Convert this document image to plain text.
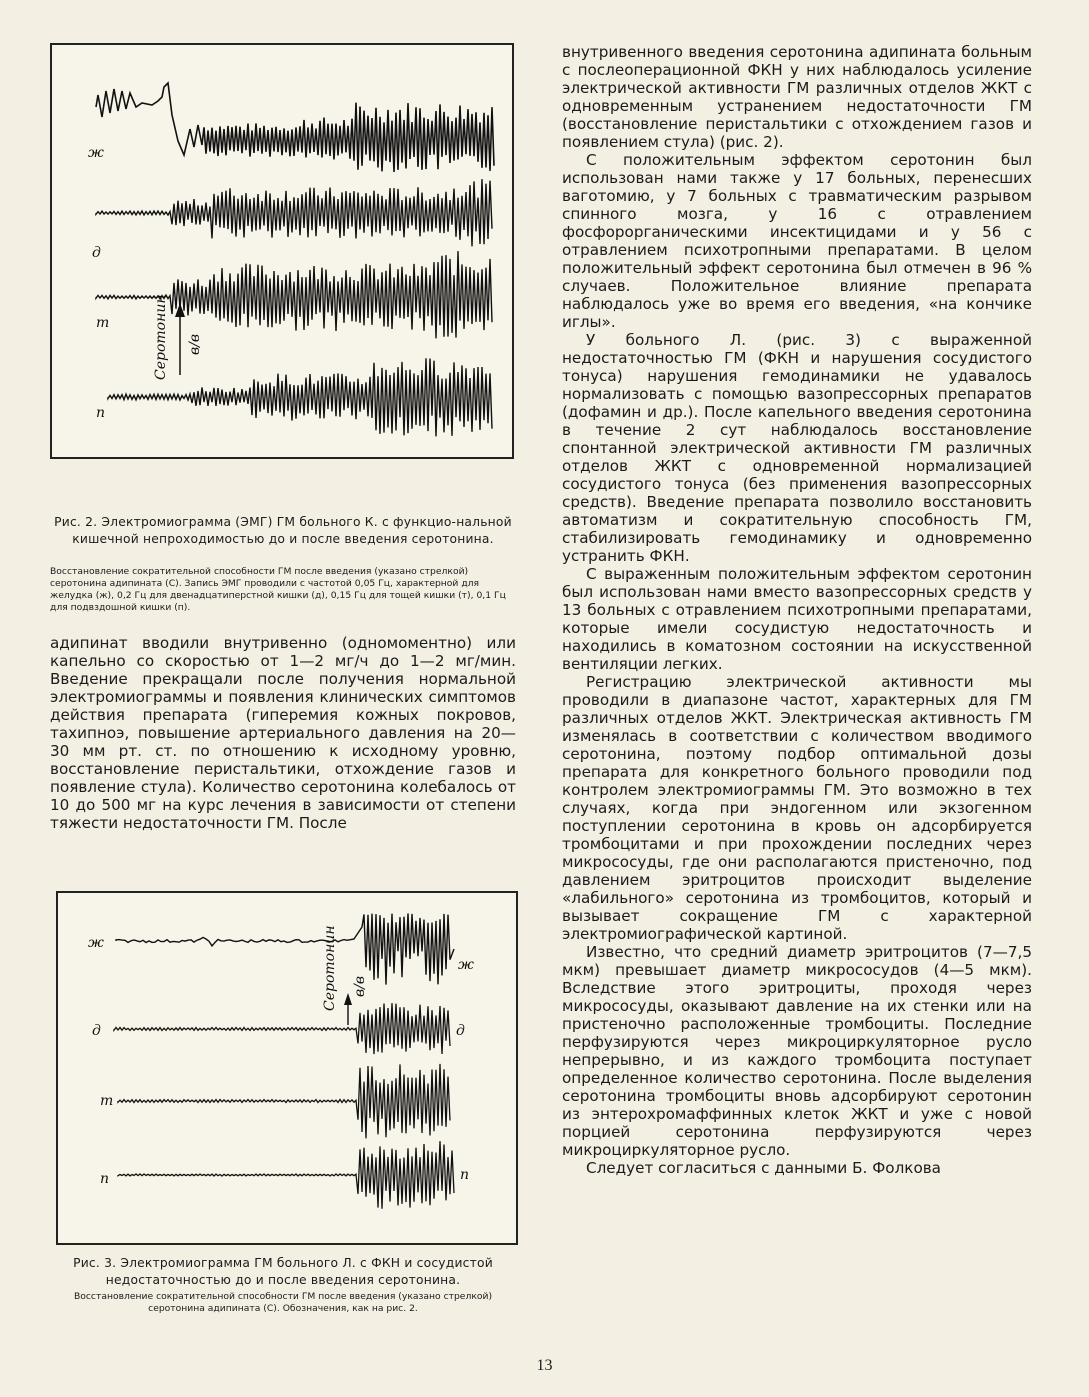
ж
д
т
п
Серотонин в/в
Рис. 2. Электромиограмма (ЭМГ) ГМ больного К. с функцио-нальной кишечной непроходимостью до и после введения серотонина.
Восстановление сократительной способности ГМ после введения (указано стрелкой) серотонина адипината (С). Запись ЭМГ проводили с частотой 0,05 Гц, характерной для желудка (ж), 0,2 Гц для двенадцатиперстной кишки (д), 0,15 Гц для тощей кишки (т), 0,1 Гц для подвздошной кишки (п).

адипинат вводили внутривенно (одномоментно) или капельно со скоростью от 1—2 мг/ч до 1—2 мг/мин. Введение прекращали после получения нормальной электромиограммы и появления клинических симптомов действия препарата (гиперемия кожных покровов, тахипноэ, повышение артериального давления на 20—30 мм рт. ст. по отношению к исходному уровню, восстановление перистальтики, отхождение газов и появление стула). Количество серотонина колебалось от 10 до 500 мг на курс лечения в зависимости от степени тяжести недостаточности ГМ. После

ж
д
т
п
ж
д
п
Серотонин в/в
Рис. 3. Электромиограмма ГМ больного Л. с ФКН и сосудистой недостаточностью до и после введения серотонина.
Восстановление сократительной способности ГМ после введения (указано стрелкой) серотонина адипината (С). Обозначения, как на рис. 2.

внутривенного введения серотонина адипината больным с послеоперационной ФКН у них наблюдалось усиление электрической активности ГМ различных отделов ЖКТ с одновременным устранением недостаточности ГМ (восстановление перистальтики с отхождением газов и появлением стула) (рис. 2).

С положительным эффектом серотонин был использован нами также у 17 больных, перенесших ваготомию, у 7 больных с травматическим разрывом спинного мозга, у 16 с отравлением фосфорорганическими инсектицидами и у 56 с отравлением психотропными препаратами. В целом положительный эффект серотонина был отмечен в 96 % случаев. Положительное влияние препарата наблюдалось уже во время его введения, «на кончике иглы».

У больного Л. (рис. 3) с выраженной недостаточностью ГМ (ФКН и нарушения сосудистого тонуса) нарушения гемодинамики не удавалось нормализовать с помощью вазопрессорных препаратов (дофамин и др.). После капельного введения серотонина в течение 2 сут наблюдалось восстановление спонтанной электрической активности ГМ различных отделов ЖКТ с одновременной нормализацией сосудистого тонуса (без применения вазопрессорных средств). Введение препарата позволило восстановить автоматизм и сократительную способность ГМ, стабилизировать гемодинамику и одновременно устранить ФКН.

С выраженным положительным эффектом серотонин был использован нами вместо вазопрессорных средств у 13 больных с отравлением психотропными препаратами, которые имели сосудистую недостаточность и находились в коматозном состоянии на искусственной вентиляции легких.

Регистрацию электрической активности мы проводили в диапазоне частот, характерных для ГМ различных отделов ЖКТ. Электрическая активность ГМ изменялась в соответствии с количеством вводимого серотонина, поэтому подбор оптимальной дозы препарата для конкретного больного проводили под контролем электромиограммы ГМ. Это возможно в тех случаях, когда при эндогенном или экзогенном поступлении серотонина в кровь он адсорбируется тромбоцитами и при прохождении последних через микрососуды, где они располагаются пристеночно, под давлением эритроцитов происходит выделение «лабильного» серотонина из тромбоцитов, который и вызывает сокращение ГМ с характерной электромиографической картиной.

Известно, что средний диаметр эритроцитов (7—7,5 мкм) превышает диаметр микрососудов (4—5 мкм). Вследствие этого эритроциты, проходя через микрососуды, оказывают давление на их стенки или на пристеночно расположенные тромбоциты. Последние перфузируются через микроциркуляторное русло непрерывно, и из каждого тромбоцита поступает определенное количество серотонина. После выделения серотонина тромбоциты вновь адсорбируют серотонин из энтерохромаффинных клеток ЖКТ и уже с новой порцией серотонина перфузируются через микроциркуляторное русло.

Следует согласиться с данными Б. Фолкова

13
